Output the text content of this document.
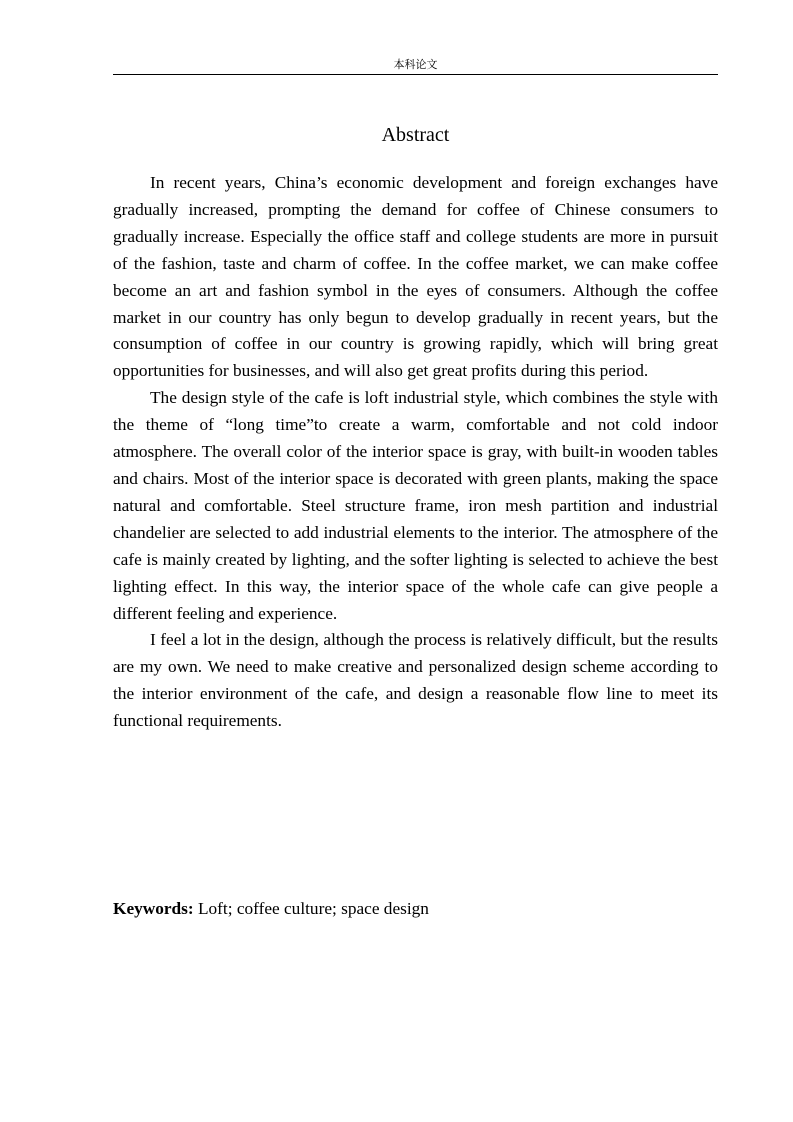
本科论文
Abstract

In recent years, China’s economic development and foreign exchanges have gradually increased, prompting the demand for coffee of Chinese consumers to gradually increase. Especially the office staff and college students are more in pursuit of the fashion, taste and charm of coffee. In the coffee market, we can make coffee become an art and fashion symbol in the eyes of consumers. Although the coffee market in our country has only begun to develop gradually in recent years, but the consumption of coffee in our country is growing rapidly, which will bring great opportunities for businesses, and will also get great profits during this period.

The design style of the cafe is loft industrial style, which combines the style with the theme of “long time”to create a warm, comfortable and not cold indoor atmosphere. The overall color of the interior space is gray, with built-in wooden tables and chairs. Most of the interior space is decorated with green plants, making the space natural and comfortable. Steel structure frame, iron mesh partition and industrial chandelier are selected to add industrial elements to the interior. The atmosphere of the cafe is mainly created by lighting, and the softer lighting is selected to achieve the best lighting effect. In this way, the interior space of the whole cafe can give people a different feeling and experience.

I feel a lot in the design, although the process is relatively difficult, but the results are my own. We need to make creative and personalized design scheme according to the interior environment of the cafe, and design a reasonable flow line to meet its functional requirements.

Keywords: Loft; coffee culture; space design
